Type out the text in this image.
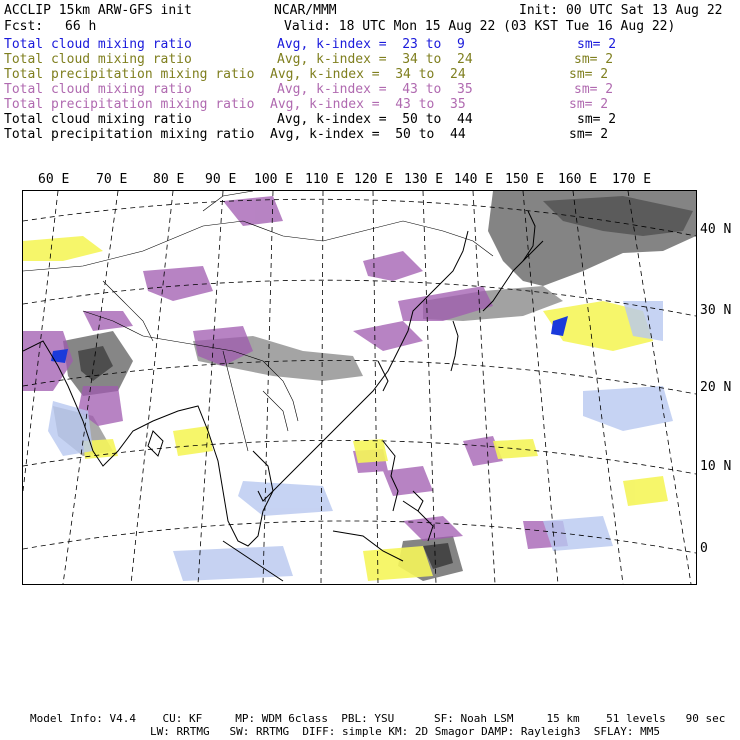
ACCLIP 15km ARW-GFS init	NCAR/MMM	Init: 00 UTC Sat 13 Aug 22
Fcst: 66 h	Valid: 18 UTC Mon 15 Aug 22 (03 KST Tue 16 Aug 22)
Total cloud mixing ratio	Avg, k-index =  23 to  9	sm= 2
Total cloud mixing ratio	Avg, k-index =  34 to  24	sm= 2
Total precipitation mixing ratio Avg, k-index =  34 to  24	sm= 2
Total cloud mixing ratio	Avg, k-index =  43 to  35	sm= 2
Total precipitation mixing ratio Avg, k-index =  43 to  35	sm= 2
Total cloud mixing ratio	Avg, k-index =  50 to  44	sm= 2
Total precipitation mixing ratio Avg, k-index =  50 to  44	sm= 2
60 E 70 E 80 E 90 E 100 E 110 E 120 E 130 E 140 E 150 E 160 E 170 E
40 N
30 N
20 N
10 N
0
Model Info: V4.4    CU: KF     MP: WDM 6class  PBL: YSU      SF: Noah LSM     15 km    51 levels   90 sec
LW: RRTMG   SW: RRTMG  DIFF: simple KM: 2D Smagor DAMP: Rayleigh3  SFLAY: MM5
